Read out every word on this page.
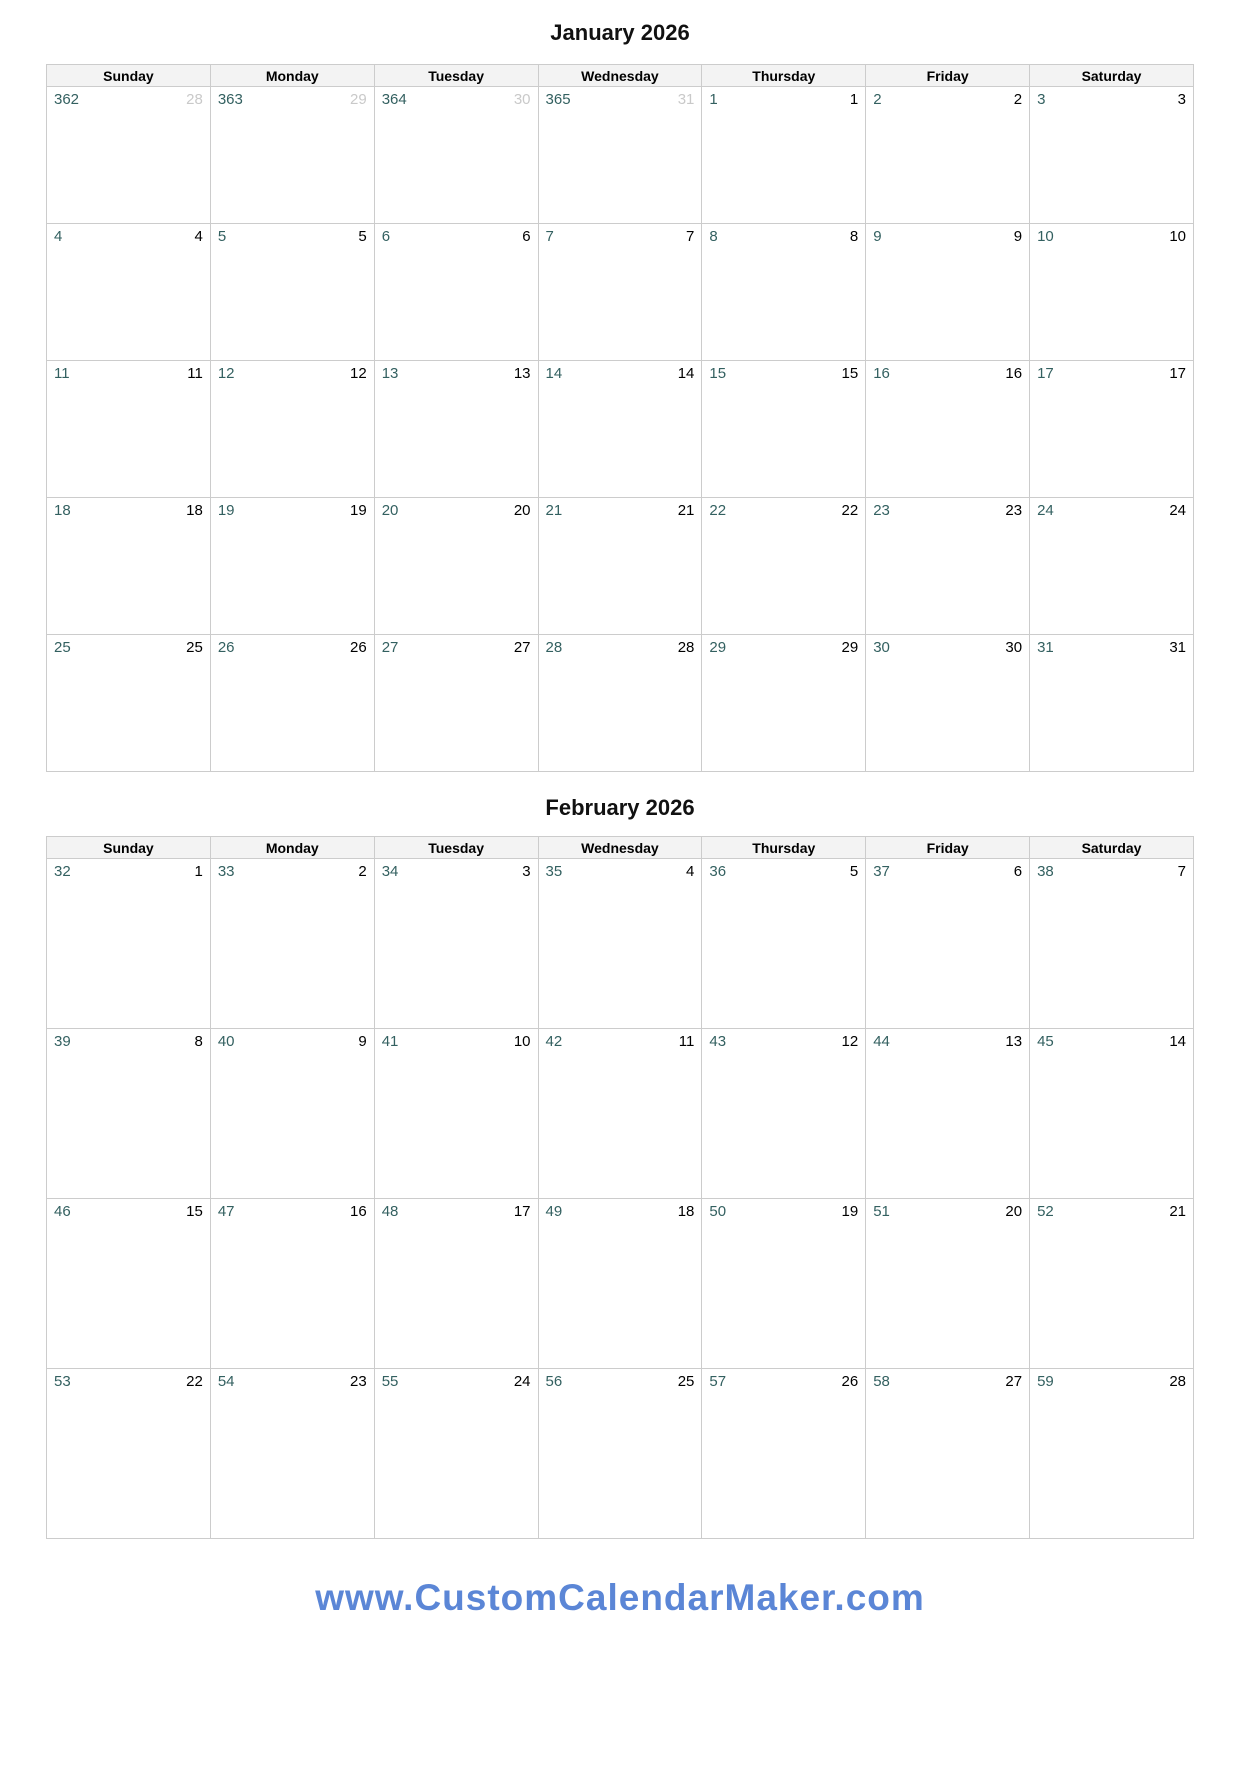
January 2026
Sunday	Monday	Tuesday	Wednesday	Thursday	Friday	Saturday

362 28	363 29	364 30	365 31	1 1	2 2	3 3

4 4	5 5	6 6	7 7	8 8	9 9	10 10

11 11	12 12	13 13	14 14	15 15	16 16	17 17

18 18	19 19	20 20	21 21	22 22	23 23	24 24

25 25	26 26	27 27	28 28	29 29	30 30	31 31
February 2026
Sunday	Monday	Tuesday	Wednesday	Thursday	Friday	Saturday

32 1	33 2	34 3	35 4	36 5	37 6	38 7

39 8	40 9	41 10	42 11	43 12	44 13	45 14

46 15	47 16	48 17	49 18	50 19	51 20	52 21

53 22	54 23	55 24	56 25	57 26	58 27	59 28
www.CustomCalendarMaker.com
